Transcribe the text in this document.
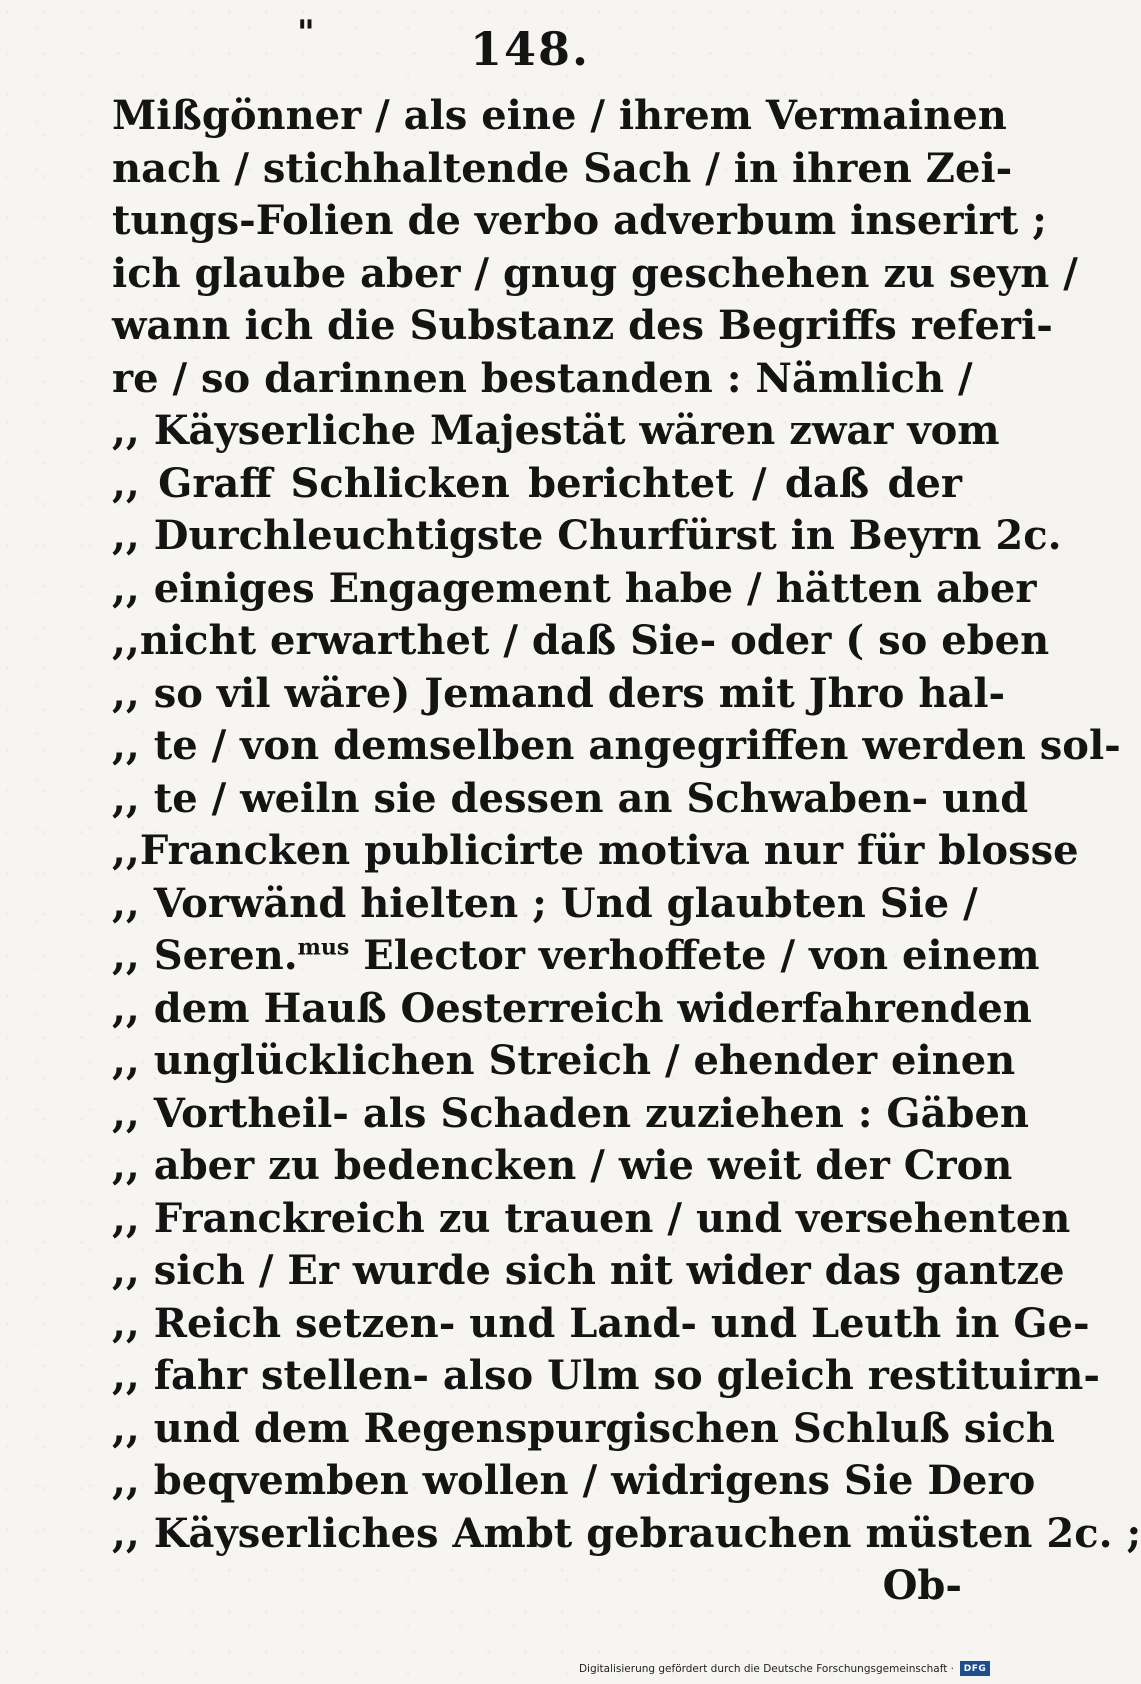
"	148.
Mißgönner / als eine / ihrem Vermainen
nach / stichhaltende Sach / in ihren Zei-
tungs-Folien de verbo adverbum inserirt ;
ich glaube aber / gnug geschehen zu seyn /
wann ich die Substanz des Begriffs referi-
re / so darinnen bestanden : Nämlich /
,, Käyserliche Majestät wären zwar vom
,, Graff Schlicken berichtet / daß der
,, Durchleuchtigste Churfürst in Beyrn 2c.
,, einiges Engagement habe / hätten aber
,,nicht erwarthet / daß Sie- oder ( so eben
,, so vil wäre) Jemand ders mit Jhro hal-
,, te / von demselben angegriffen werden sol-
,, te / weiln sie dessen an Schwaben- und
,,Francken publicirte motiva nur für blosse
,, Vorwänd hielten ; Und glaubten Sie /
,, Seren.$^{mus}$ Elector verhoffete / von einem
,, dem Hauß Oesterreich widerfahrenden
,, unglücklichen Streich / ehender einen
,, Vortheil- als Schaden zuziehen : Gäben
,, aber zu bedencken / wie weit der Cron
,, Franckreich zu trauen / und versehenten
,, sich / Er wurde sich nit wider das gantze
,, Reich setzen- und Land- und Leuth in Ge-
,, fahr stellen- also Ulm so gleich restituirn-
,, und dem Regenspurgischen Schluß sich
,, beqvemben wollen / widrigens Sie Dero
,, Käyserliches Ambt gebrauchen müsten 2c. ;
Ob-
Digitalisierung gefördert durch die Deutsche Forschungsgemeinschaft ·	DFG
